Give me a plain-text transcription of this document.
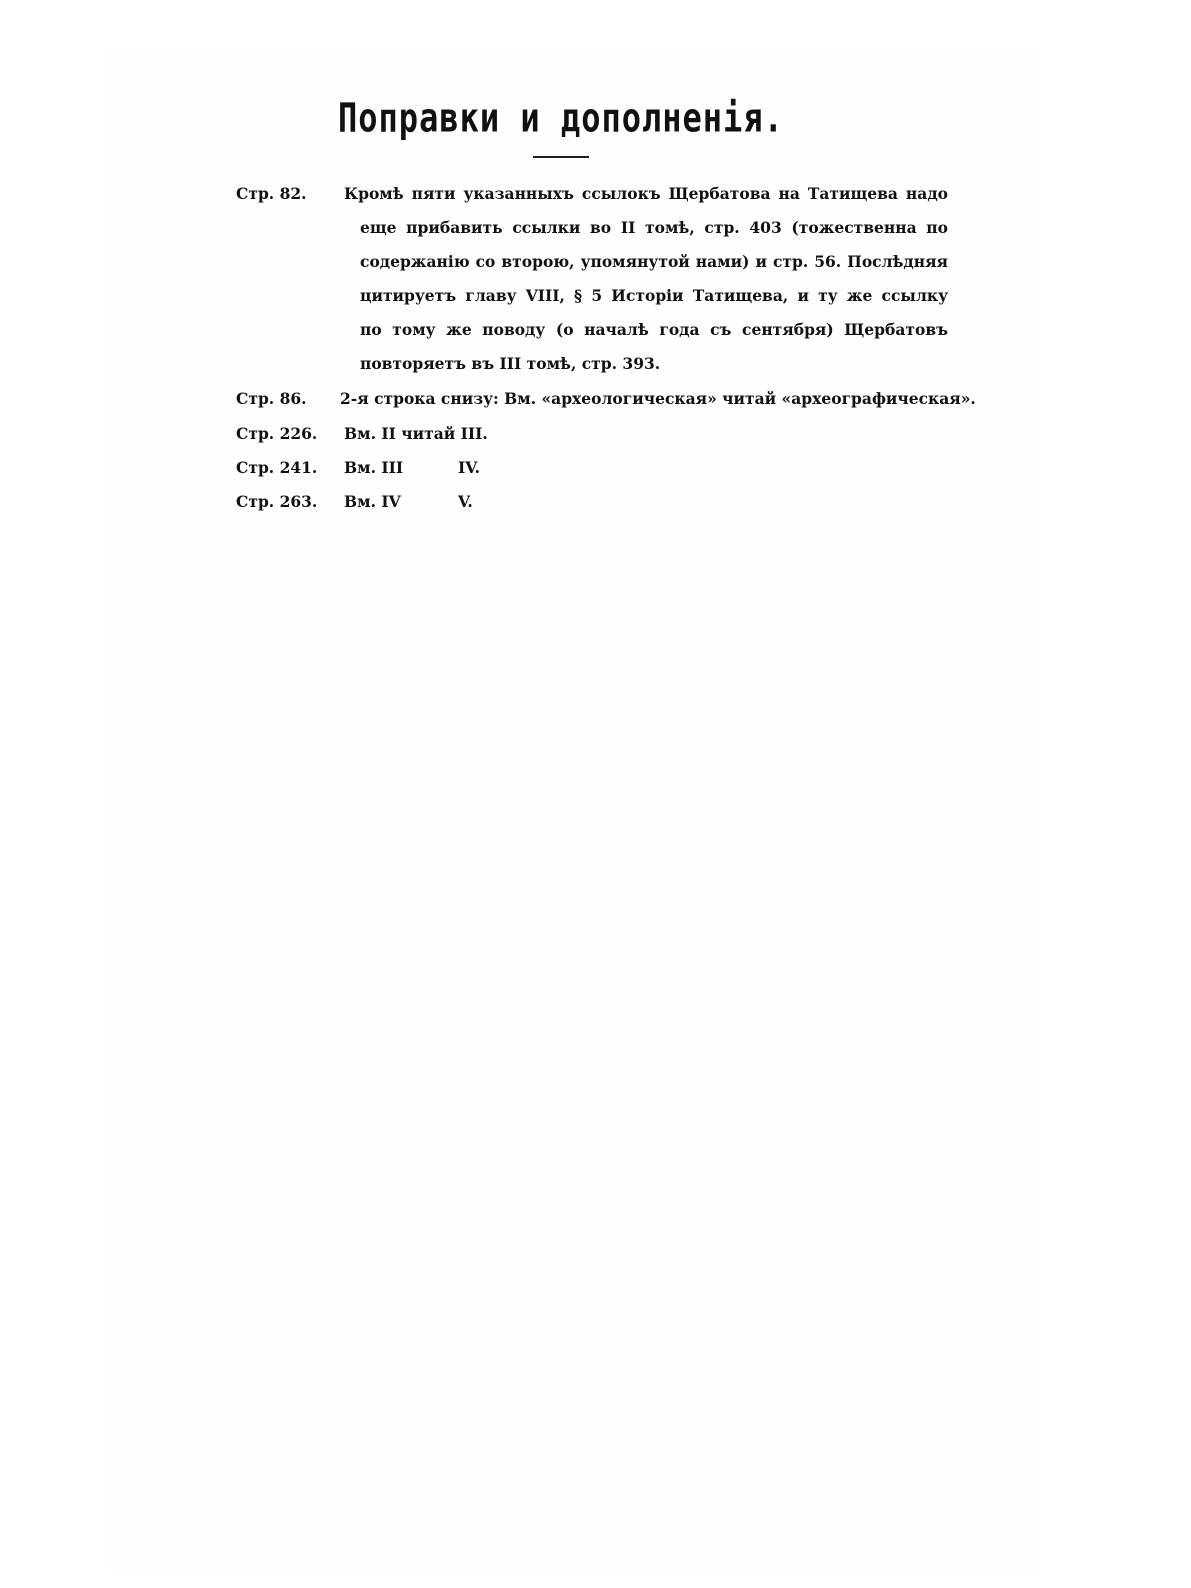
Поправки и дополненія.
Стр. 82. Кромѣ пяти указанныхъ ссылокъ Щербатова на Татищева надо
еще прибавить ссылки во II томѣ, стр. 403 (тожественна по
содержанію со второю, упомянутой нами) и стр. 56. Послѣдняя
цитируетъ главу VIII, § 5 Исторіи Татищева, и ту же ссылку
по тому же поводу (о началѣ года съ сентября) Щербатовъ
повторяетъ въ III томѣ, стр. 393.
Стр. 86. 2-я строка снизу: Вм. «археологическая» читай «археографическая».
Стр. 226. Вм. II читай III.
Стр. 241. Вм. III	IV.
Стр. 263. Вм. IV	V.
